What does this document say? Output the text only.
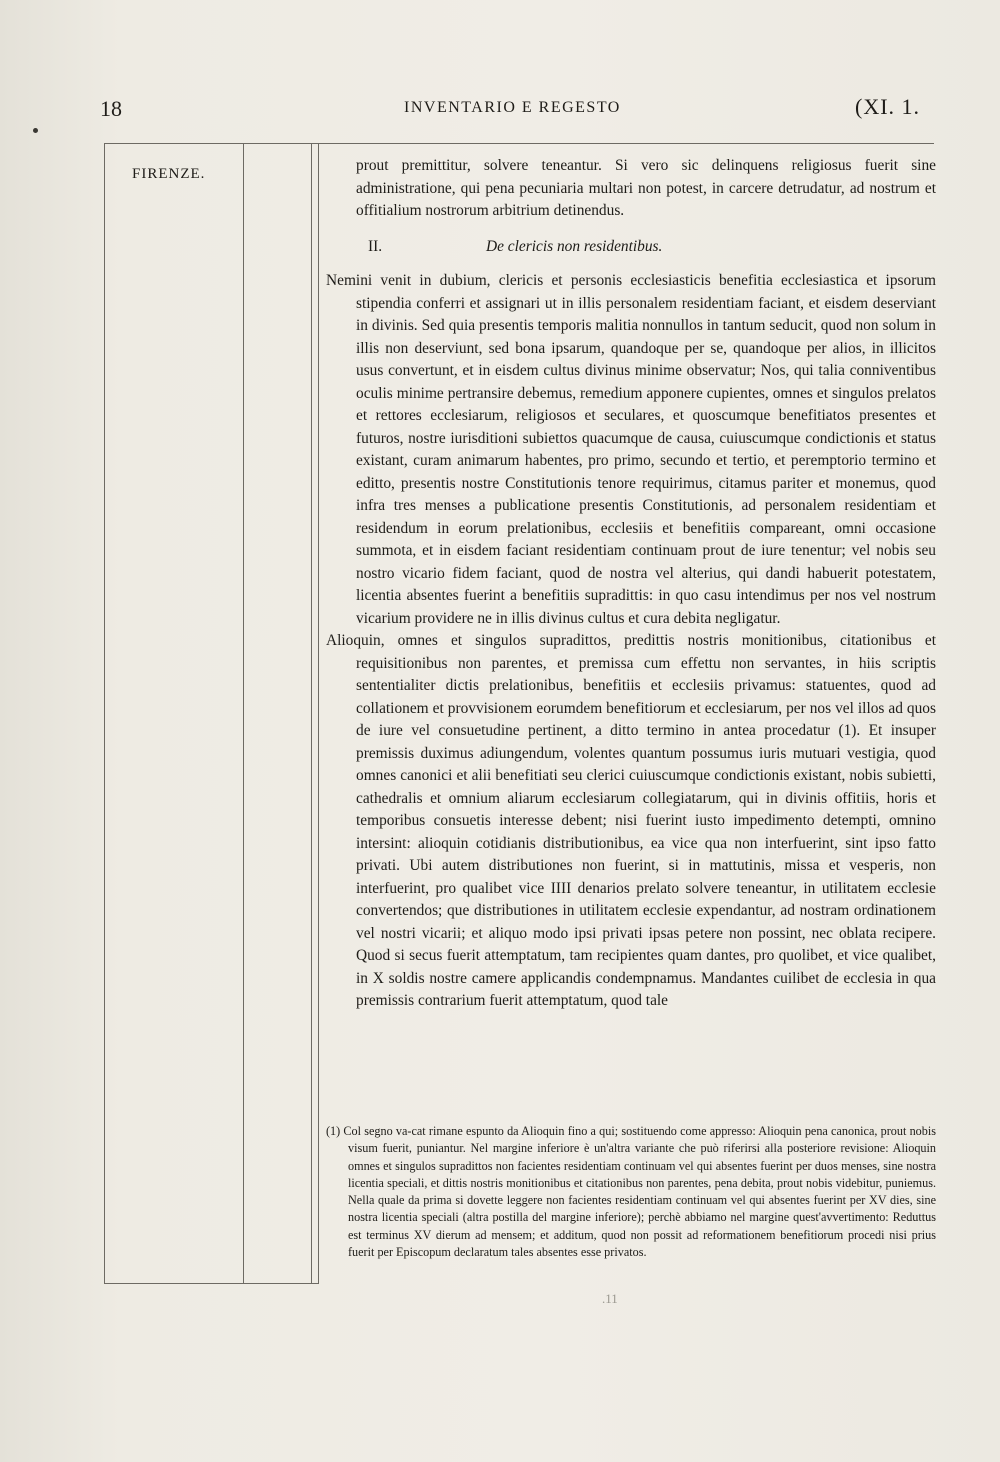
18	INVENTARIO E REGESTO	(XI. 1.
FIRENZE.	prout premittitur, solvere teneantur. Si vero sic delinquens religiosus fuerit sine administratione, qui pena pecuniaria multari non potest, in carcere detrudatur, ad nostrum et offitialium nostrorum arbitrium detinendus.

II.	De clericis non residentibus.

Nemini venit in dubium, clericis et personis ecclesiasticis benefitia ecclesiastica et ipsorum stipendia conferri et assignari ut in illis personalem residentiam faciant, et eisdem deserviant in divinis. Sed quia presentis temporis malitia nonnullos in tantum seducit, quod non solum in illis non deserviunt, sed bona ipsarum, quandoque per se, quandoque per alios, in illicitos usus convertunt, et in eisdem cultus divinus minime observatur; Nos, qui talia conniventibus oculis minime pertransire debemus, remedium apponere cupientes, omnes et singulos prelatos et rettores ecclesiarum, religiosos et seculares, et quoscumque benefitiatos presentes et futuros, nostre iurisditioni subiettos quacumque de causa, cuiuscumque condictionis et status existant, curam animarum habentes, pro primo, secundo et tertio, et peremptorio termino et editto, presentis nostre Constitutionis tenore requirimus, citamus pariter et monemus, quod infra tres menses a publicatione presentis Constitutionis, ad personalem residentiam et residendum in eorum prelationibus, ecclesiis et benefitiis compareant, omni occasione summota, et in eisdem faciant residentiam continuam prout de iure tenentur; vel nobis seu nostro vicario fidem faciant, quod de nostra vel alterius, qui dandi habuerit potestatem, licentia absentes fuerint a benefitiis supradittis: in quo casu intendimus per nos vel nostrum vicarium providere ne in illis divinus cultus et cura debita negligatur.

Alioquin, omnes et singulos supradittos, predittis nostris monitionibus, citationibus et requisitionibus non parentes, et premissa cum effettu non servantes, in hiis scriptis sententialiter dictis prelationibus, benefitiis et ecclesiis privamus: statuentes, quod ad collationem et provvisionem eorumdem benefitiorum et ecclesiarum, per nos vel illos ad quos de iure vel consuetudine pertinent, a ditto termino in antea procedatur (1). Et insuper premissis duximus adiungendum, volentes quantum possumus iuris mutuari vestigia, quod omnes canonici et alii benefitiati seu clerici cuiuscumque condictionis existant, nobis subietti, cathedralis et omnium aliarum ecclesiarum collegiatarum, qui in divinis offitiis, horis et temporibus consuetis interesse debent; nisi fuerint iusto impedimento detempti, omnino intersint: alioquin cotidianis distributionibus, ea vice qua non interfuerint, sint ipso fatto privati. Ubi autem distributiones non fuerint, si in mattutinis, missa et vesperis, non interfuerint, pro qualibet vice IIII denarios prelato solvere teneantur, in utilitatem ecclesie convertendos; que distributiones in utilitatem ecclesie expendantur, ad nostram ordinationem vel nostri vicarii; et aliquo modo ipsi privati ipsas petere non possint, nec oblata recipere. Quod si secus fuerit attemptatum, tam recipientes quam dantes, pro quolibet, et vice qualibet, in X soldis nostre camere applicandis condempnamus. Mandantes cuilibet de ecclesia in qua premissis contrarium fuerit attemptatum, quod tale

(1) Col segno va-cat rimane espunto da Alioquin fino a qui; sostituendo come appresso: Alioquin pena canonica, prout nobis visum fuerit, puniantur. Nel margine inferiore è un'altra variante che può riferirsi alla posteriore revisione: Alioquin omnes et singulos supradittos non facientes residentiam continuam vel qui absentes fuerint per duos menses, sine nostra licentia speciali, et dittis nostris monitionibus et citationibus non parentes, pena debita, prout nobis videbitur, puniemus. Nella quale da prima si dovette leggere non facientes residentiam continuam vel qui absentes fuerint per XV dies, sine nostra licentia speciali (altra postilla del margine inferiore); perchè abbiamo nel margine quest'avvertimento: Reduttus est terminus XV dierum ad mensem; et additum, quod non possit ad reformationem benefitiorum procedi nisi prius fuerit per Episcopum declaratum tales absentes esse privatos.

.11
